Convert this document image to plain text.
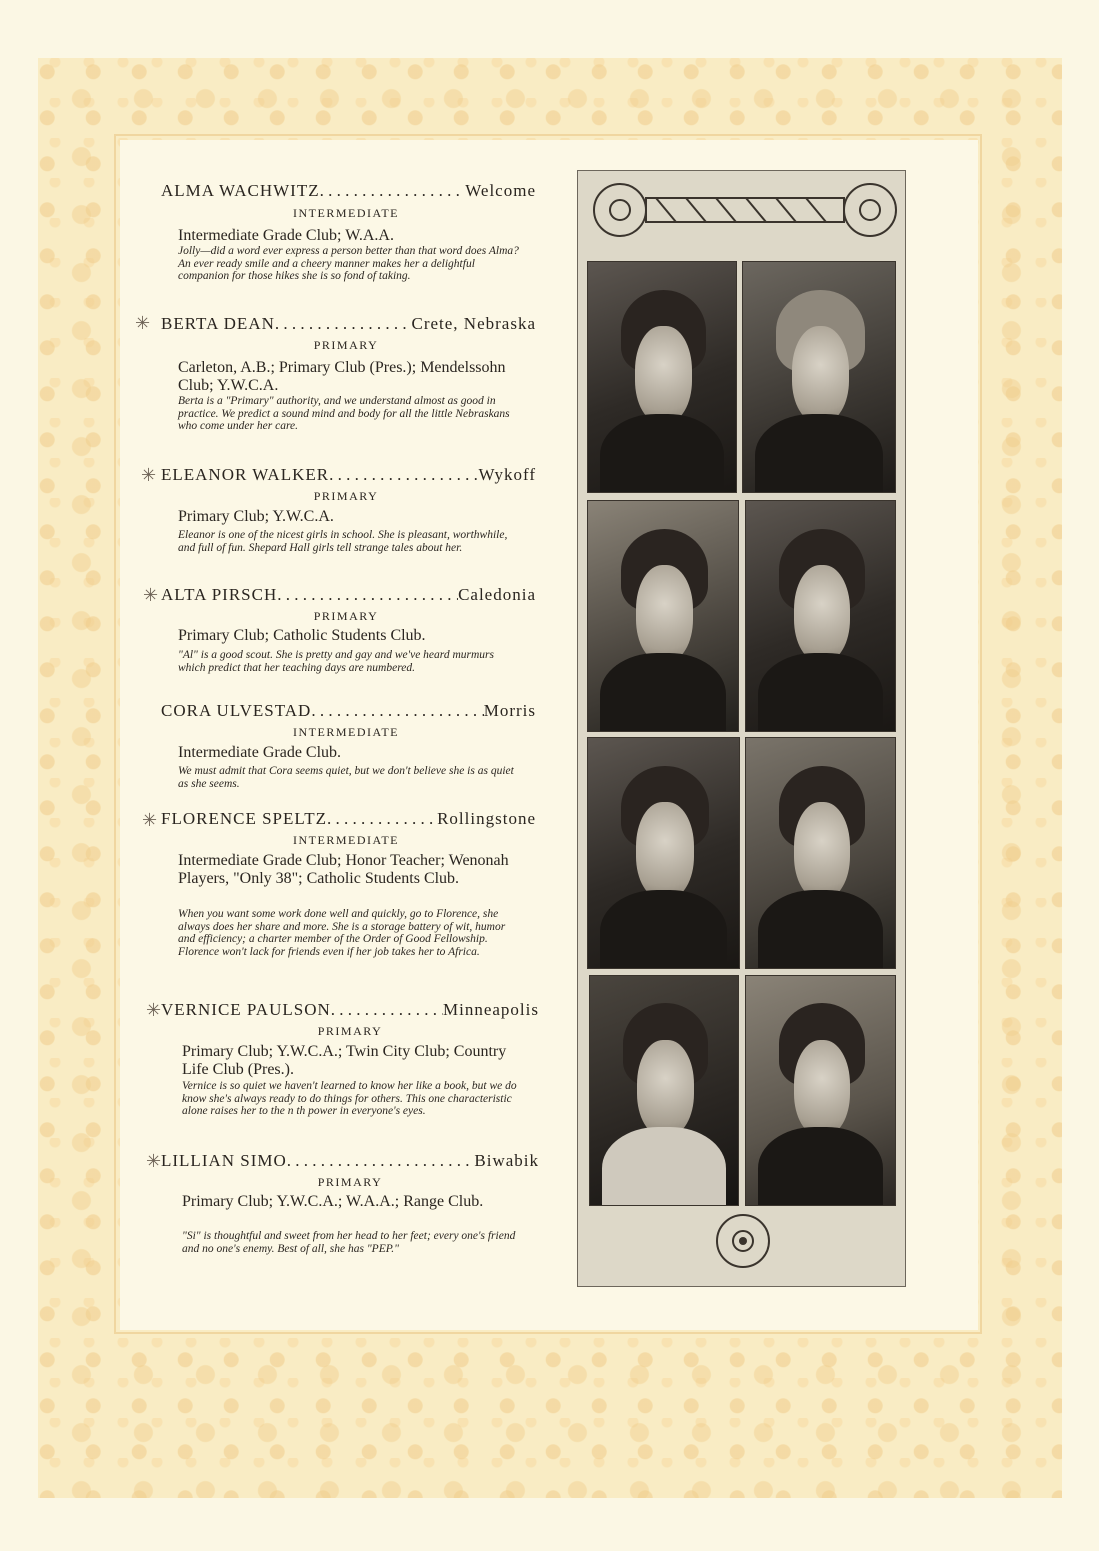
ALMA WACHWITZ . . .	Welcome
INTERMEDIATE
Intermediate Grade Club; W.A.A.
Jolly—did a word ever express a person better than that word does Alma? An ever ready smile and a cheery manner makes her a delightful companion for those hikes she is so fond of taking.
✳ BERTA DEAN . . .	Crete, Nebraska
PRIMARY
Carleton, A.B.; Primary Club (Pres.); Mendelssohn Club; Y.W.C.A.
Berta is a "Primary" authority, and we understand almost as good in practice. We predict a sound mind and body for all the little Nebraskans who come under her care.
✳ ELEANOR WALKER . . .	Wykoff
PRIMARY
Primary Club; Y.W.C.A.
Eleanor is one of the nicest girls in school. She is pleasant, worthwhile, and full of fun. Shepard Hall girls tell strange tales about her.
✳ ALTA PIRSCH . . .	Caledonia
PRIMARY
Primary Club; Catholic Students Club.
"Al" is a good scout. She is pretty and gay and we've heard murmurs which predict that her teaching days are numbered.
CORA ULVESTAD . . .	Morris
INTERMEDIATE
Intermediate Grade Club.
We must admit that Cora seems quiet, but we don't believe she is as quiet as she seems.
✳ FLORENCE SPELTZ . . .	Rollingstone
INTERMEDIATE
Intermediate Grade Club; Honor Teacher; Wenonah Players, "Only 38"; Catholic Students Club.
When you want some work done well and quickly, go to Florence, she always does her share and more. She is a storage battery of wit, humor and efficiency; a charter member of the Order of Good Fellowship. Florence won't lack for friends even if her job takes her to Africa.
✳ VERNICE PAULSON . . .	Minneapolis
PRIMARY
Primary Club; Y.W.C.A.; Twin City Club; Country Life Club (Pres.).
Vernice is so quiet we haven't learned to know her like a book, but we do know she's always ready to do things for others. This one characteristic alone raises her to the n th power in everyone's eyes.
✳ LILLIAN SIMO . . .	Biwabik
PRIMARY
Primary Club; Y.W.C.A.; W.A.A.; Range Club.
"Si" is thoughtful and sweet from her head to her feet; every one's friend and no one's enemy. Best of all, she has "PEP."
